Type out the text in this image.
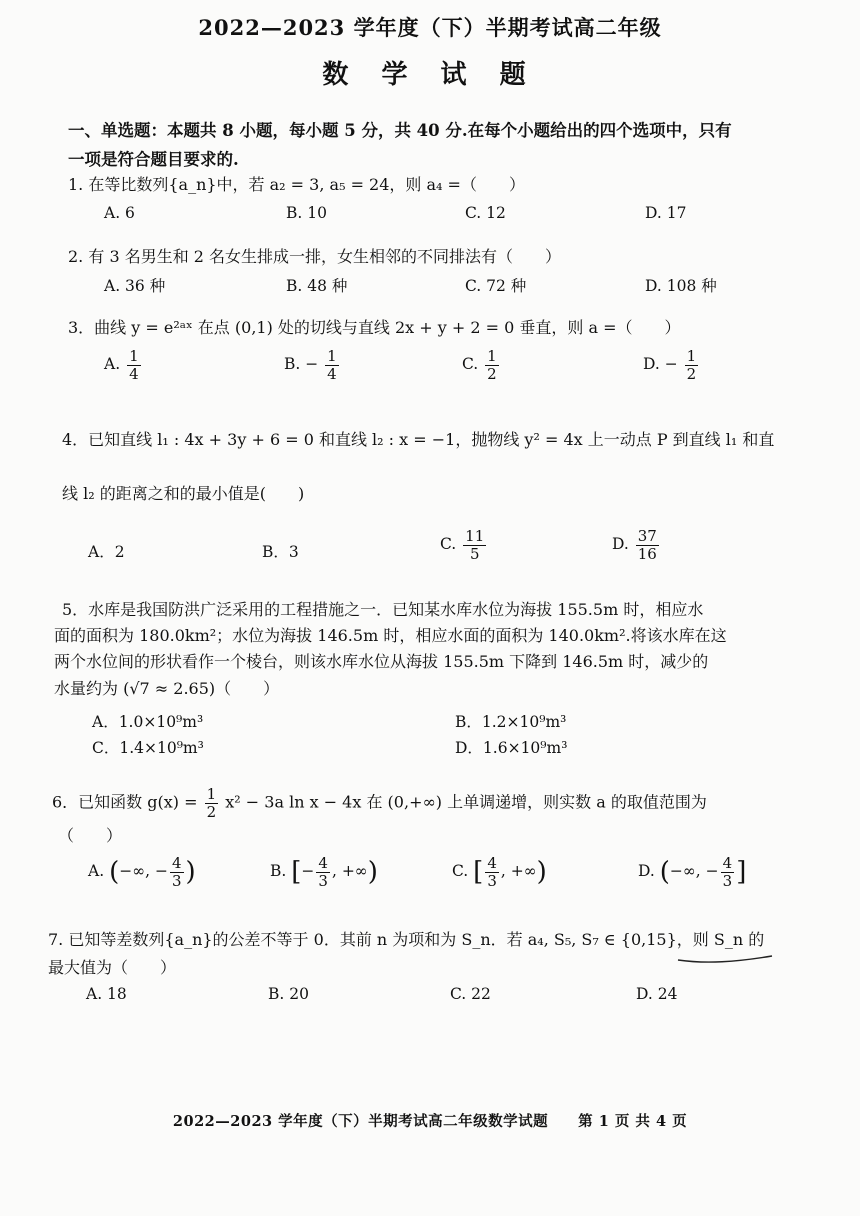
2022—2023 学年度（下）半期考试高二年级
数 学 试 题
一、单选题：本题共 8 小题，每小题 5 分，共 40 分.在每个小题给出的四个选项中，只有
一项是符合题目要求的.
1. 在等比数列{a_n}中，若 a₂ = 3, a₅ = 24，则 a₄ =（　　）
A. 6	B. 10	C. 12	D. 17
2. 有 3 名男生和 2 名女生排成一排，女生相邻的不同排法有（　　）
A. 36 种	B. 48 种	C. 72 种	D. 108 种
3．曲线 y = e²ᵃˣ 在点 (0,1) 处的切线与直线 2x + y + 2 = 0 垂直，则 a =（　　）
A. $\frac{1}{4}$	B. − $\frac{1}{4}$	C. $\frac{1}{2}$	D. − $\frac{1}{2}$
4．已知直线 l₁ : 4x + 3y + 6 = 0 和直线 l₂ : x = −1，抛物线 y² = 4x 上一动点 P 到直线 l₁ 和直
线 l₂ 的距离之和的最小值是(　　)
A．2	B．3	C. $\frac{11}{5}$	D. $\frac{37}{16}$
5．水库是我国防洪广泛采用的工程措施之一．已知某水库水位为海拔 155.5m 时，相应水
面的面积为 180.0km²；水位为海拔 146.5m 时，相应水面的面积为 140.0km².将该水库在这
两个水位间的形状看作一个棱台，则该水库水位从海拔 155.5m 下降到 146.5m 时，减少的
水量约为 (√7 ≈ 2.65)（　　）
A．1.0×10⁹m³	B．1.2×10⁹m³
C．1.4×10⁹m³	D．1.6×10⁹m³
6．已知函数 $g(x) = \frac{1}{2} x^2 - 3a$ ln x − 4x 在 (0,+∞) 上单调递增，则实数 a 的取值范围为
（　　）
A. (−∞, − $\frac{4}{3}$ )	B. [− $\frac{4}{3}$ , +∞)	C. [ $\frac{4}{3}$ , +∞)	D. (−∞, − $\frac{4}{3}$ ]
7. 已知等差数列{a_n}的公差不等于 0．其前 n 为项和为 S_n．若 a₄, S₅, S₇ ∈ {0,15}，则 S_n 的
最大值为（　　）
A. 18	B. 20	C. 22	D. 24
2022—2023 学年度（下）半期考试高二年级数学试题　　第 1 页 共 4 页
